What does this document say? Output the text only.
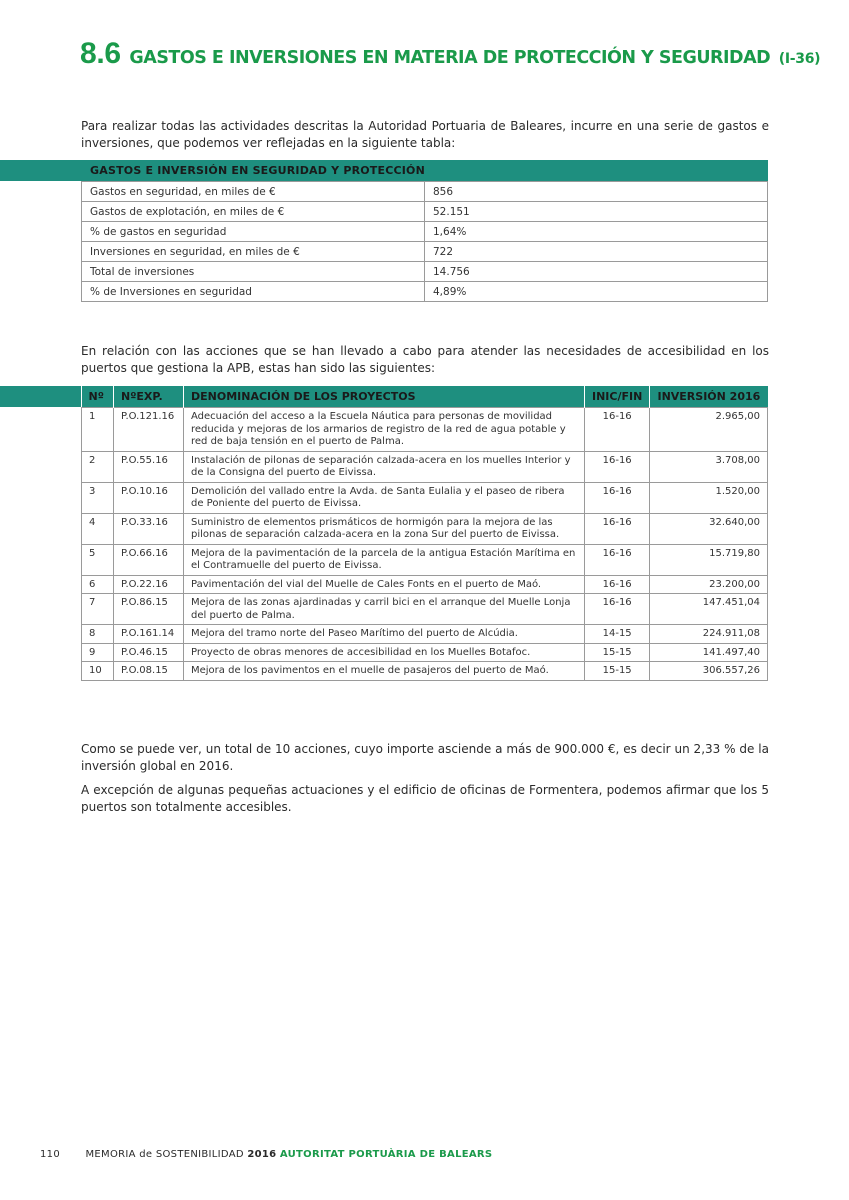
8.6 GASTOS E INVERSIONES EN MATERIA DE PROTECCIÓN Y SEGURIDAD (I-36)

Para realizar todas las actividades descritas la Autoridad Portuaria de Baleares, incurre en una serie de gastos e inversiones, que podemos ver reflejadas en la siguiente tabla:

GASTOS E INVERSIÓN EN SEGURIDAD Y PROTECCIÓN
Gastos en seguridad, en miles de €	856
Gastos de explotación, en miles de €	52.151
% de gastos en seguridad	1,64%
Inversiones en seguridad, en miles de €	722
Total de inversiones	14.756
% de Inversiones en seguridad	4,89%

En relación con las acciones que se han llevado a cabo para atender las necesidades de accesibilidad en los puertos que gestiona la APB, estas han sido las siguientes:

Nº	NºEXP.	DENOMINACIÓN DE LOS PROYECTOS	INIC/FIN	INVERSIÓN 2016
1	P.O.121.16	Adecuación del acceso a la Escuela Náutica para personas de movilidad reducida y mejoras de los armarios de registro de la red de agua potable y red de baja tensión en el puerto de Palma.	16-16	2.965,00
2	P.O.55.16	Instalación de pilonas de separación calzada-acera en los muelles Interior y de la Consigna del puerto de Eivissa.	16-16	3.708,00
3	P.O.10.16	Demolición del vallado entre la Avda. de Santa Eulalia y el paseo de ribera de Poniente del puerto de Eivissa.	16-16	1.520,00
4	P.O.33.16	Suministro de elementos prismáticos de hormigón para la mejora de las pilonas de separación calzada-acera en la zona Sur del puerto de Eivissa.	16-16	32.640,00
5	P.O.66.16	Mejora de la pavimentación de la parcela de la antigua Estación Marítima en el Contramuelle del puerto de Eivissa.	16-16	15.719,80
6	P.O.22.16	Pavimentación del vial del Muelle de Cales Fonts en el puerto de Maó.	16-16	23.200,00
7	P.O.86.15	Mejora de las zonas ajardinadas y carril bici en el arranque del Muelle Lonja del puerto de Palma.	16-16	147.451,04
8	P.O.161.14	Mejora del tramo norte del Paseo Marítimo del puerto de Alcúdia.	14-15	224.911,08
9	P.O.46.15	Proyecto de obras menores de accesibilidad en los Muelles Botafoc.	15-15	141.497,40
10	P.O.08.15	Mejora de los pavimentos en el muelle de pasajeros del puerto de Maó.	15-15	306.557,26

Como se puede ver, un total de 10 acciones, cuyo importe asciende a más de 900.000 €, es decir un 2,33 % de la inversión global en 2016.

A excepción de algunas pequeñas actuaciones y el edificio de oficinas de Formentera, podemos afirmar que los 5 puertos son totalmente accesibles.

110	MEMORIA de SOSTENIBILIDAD 2016 AUTORITAT PORTUÀRIA DE BALEARS
